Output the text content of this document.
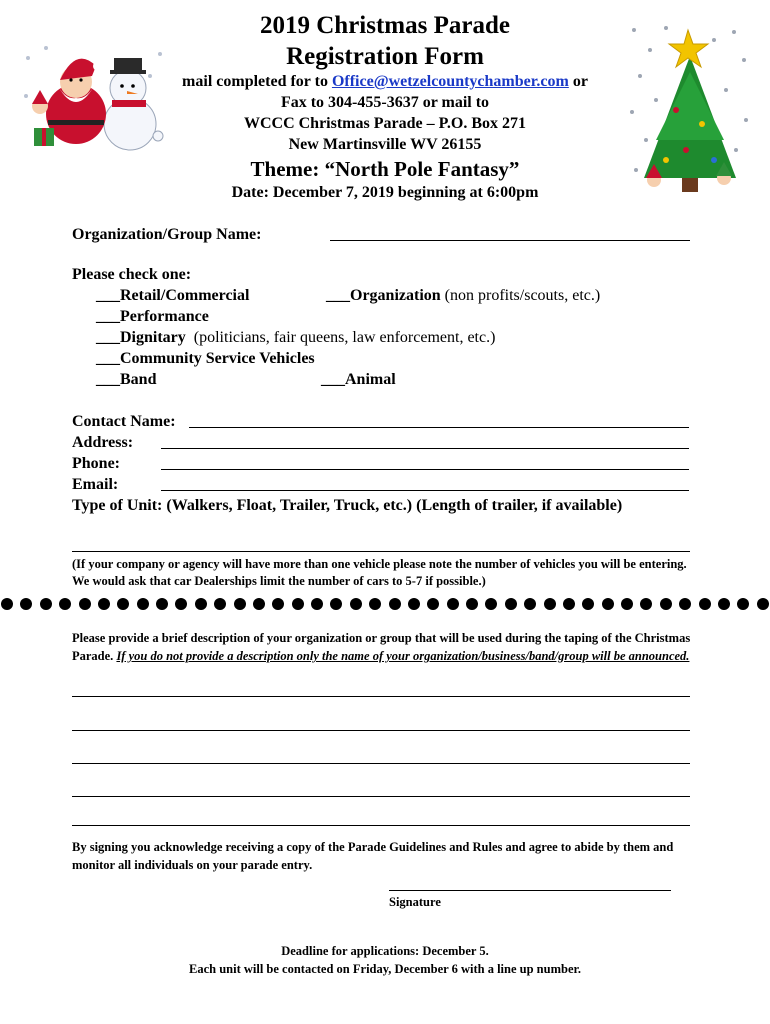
2019 Christmas Parade
Registration Form
mail completed for to Office@wetzelcountychamber.com or
Fax to 304-455-3637 or mail to
WCCC Christmas Parade – P.O. Box 271
New Martinsville WV 26155
Theme: “North Pole Fantasy”
Date: December 7, 2019 beginning at 6:00pm
Organization/Group Name:
Please check one:
___Retail/Commercial	___Organization (non profits/scouts, etc.)
___Performance
___Dignitary  (politicians, fair queens, law enforcement, etc.)
___Community Service Vehicles
___Band	___Animal
Contact Name:
Address:
Phone:
Email:
Type of Unit: (Walkers, Float, Trailer, Truck, etc.) (Length of trailer, if available)
(If your company or agency will have more than one vehicle please note the number of vehicles you will be entering. We would ask that car Dealerships limit the number of cars to 5-7 if possible.)
Please provide a brief description of your organization or group that will be used during the taping of the Christmas Parade. If you do not provide a description only the name of your organization/business/band/group will be announced.
By signing you acknowledge receiving a copy of the Parade Guidelines and Rules and agree to abide by them and monitor all individuals on your parade entry.
Signature
Deadline for applications: December 5.
Each unit will be contacted on Friday, December 6 with a line up number.
